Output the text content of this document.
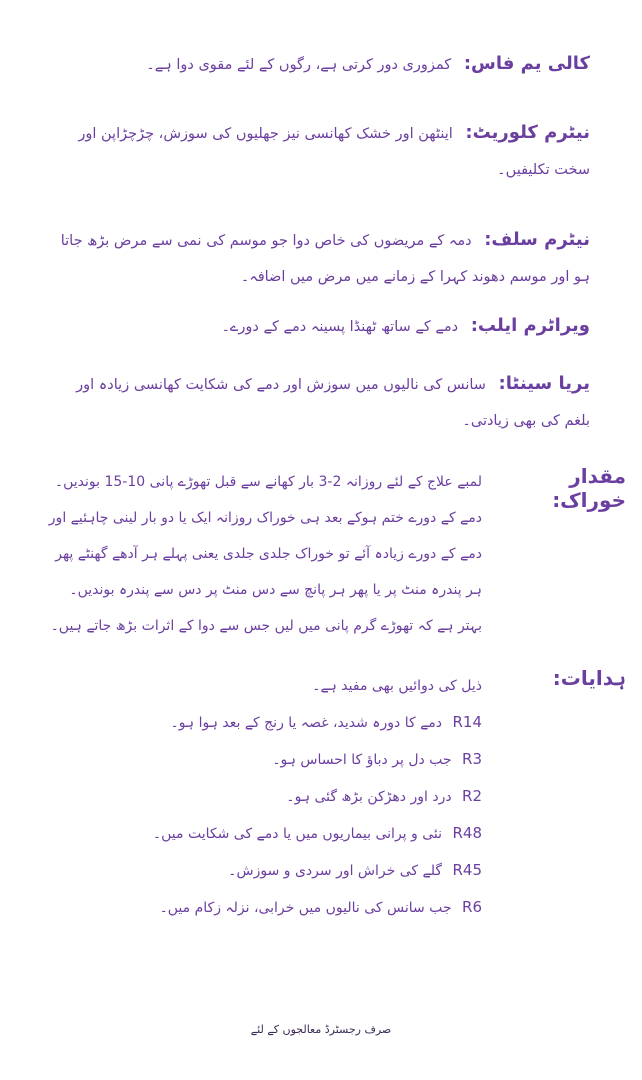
کالی یم فاس: کمزوری دور کرتی ہے، رگوں کے لئے مقوی دوا ہے۔
نیٹرم کلوریٹ: اینٹھن اور خشک کھانسی نیز جھلیوں کی سوزش، چڑچڑاپن اور سخت تکلیفیں۔
نیٹرم سلف: دمہ کے مریضوں کی خاص دوا جو موسم کی نمی سے مرض بڑھ جاتا ہو اور موسم دھوند کہرا کے زمانے میں مرض میں اضافہ۔
ویراٹرم ایلب: دمے کے ساتھ ٹھنڈا پسینہ دمے کے دورے۔
یریا سینٹا: سانس کی نالیوں میں سوزش اور دمے کی شکایت کھانسی زیادہ اور بلغم کی بھی زیادتی۔
مقدار خوراک:
لمبے علاج کے لئے روزانہ 2-3 بار کھانے سے قبل تھوڑے پانی 10-15 بوندیں۔ دمے کے دورے ختم ہوکے بعد ہی خوراک روزانہ ایک یا دو بار لینی چاہئیے اور دمے کے دورے زیادہ آئے تو خوراک جلدی جلدی یعنی پہلے ہر آدھے گھنٹے پھر ہر پندرہ منٹ پر یا پھر ہر پانچ سے دس منٹ پر دس سے پندرہ بوندیں۔ بہتر ہے کہ تھوڑے گرم پانی میں لیں جس سے دوا کے اثرات بڑھ جاتے ہیں۔
ہدایات:
ذیل کی دوائیں بھی مفید ہے۔
R14 دمے کا دورہ شدید، غصہ یا رنج کے بعد ہوا ہو۔
R3 جب دل پر دباؤ کا احساس ہو۔
R2 درد اور دھڑکن بڑھ گئی ہو۔
R48 نئی و پرانی بیماریوں میں یا دمے کی شکایت میں۔
R45 گلے کی خراش اور سردی و سوزش۔
R6 جب سانس کی نالیوں میں خرابی، نزلہ زکام میں۔
صرف رجسٹرڈ معالجوں کے لئے
